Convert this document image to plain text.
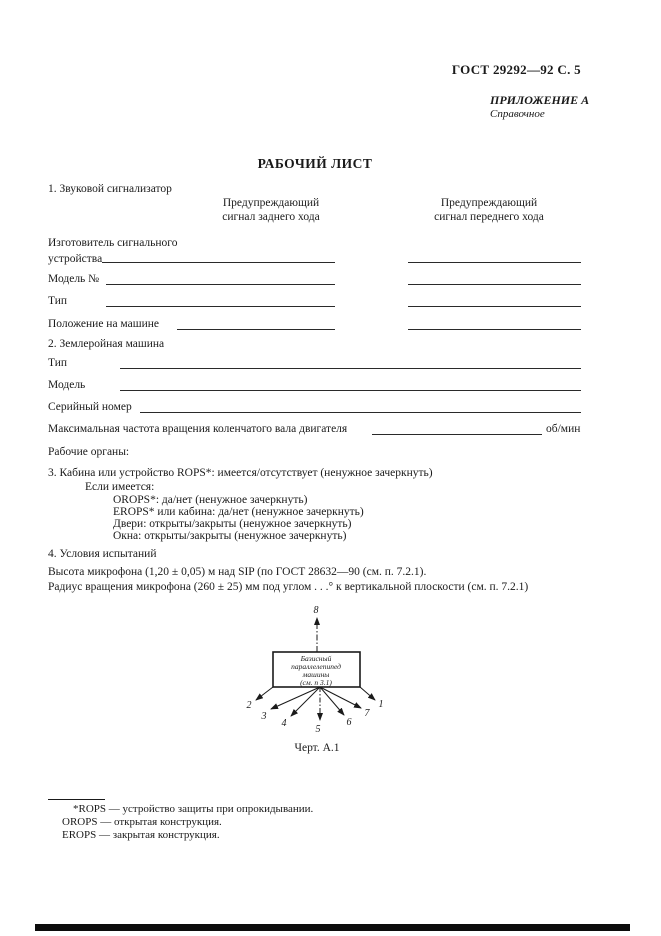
ГОСТ 29292—92 С. 5
ПРИЛОЖЕНИЕ А
Справочное
РАБОЧИЙ ЛИСТ
1. Звуковой сигнализатор
Предупреждающий
сигнал заднего хода
Предупреждающий
сигнал переднего хода
Изготовитель сигнального
устройства
Модель №
Тип
Положение на машине
2. Землеройная машина
Тип
Модель
Серийный номер
Максимальная частота вращения коленчатого вала двигателя	об/мин
Рабочие органы:
3. Кабина или устройство ROPS*: имеется/отсутствует (ненужное зачеркнуть)
Если имеется:
OROPS*: да/нет (ненужное зачеркнуть)
EROPS* или кабина: да/нет (ненужное зачеркнуть)
Двери: открыты/закрыты (ненужное зачеркнуть)
Окна: открыты/закрыты (ненужное зачеркнуть)
4. Условия испытаний
Высота микрофона (1,20 ± 0,05) м над SIP (по ГОСТ 28632—90 (см. п. 7.2.1).
Радиус вращения микрофона (260 ± 25) мм под углом . . .° к вертикальной плоскости (см. п. 7.2.1)
8
Базисный
параллелепипед
машины
(см. п 3.1)
1
2
3
4
5
6
7
Черт. А.1
*ROPS — устройство защиты при опрокидывании.
OROPS — открытая конструкция.
EROPS — закрытая конструкция.
